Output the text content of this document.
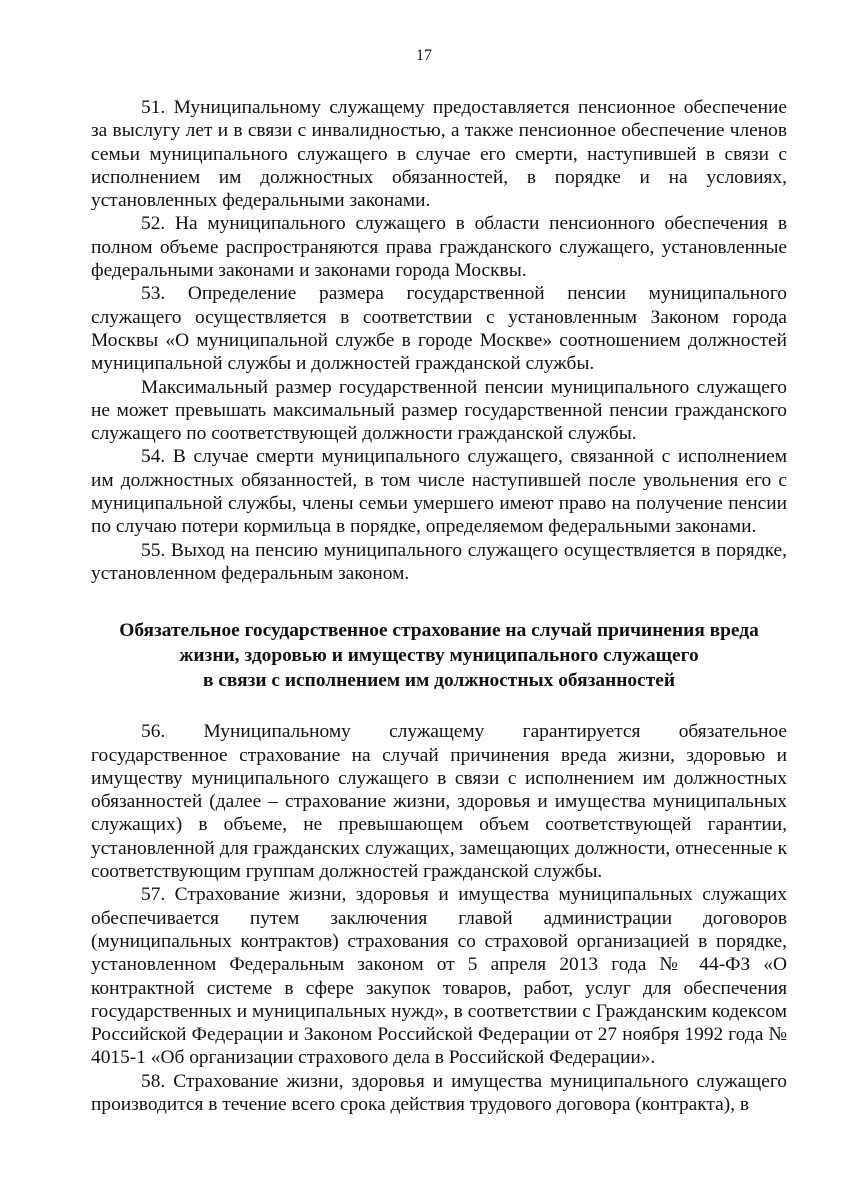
17

51. Муниципальному служащему предоставляется пенсионное обеспечение за выслугу лет и в связи с инвалидностью, а также пенсионное обеспечение членов семьи муниципального служащего в случае его смерти, наступившей в связи с исполнением им должностных обязанностей, в порядке и на условиях, установленных федеральными законами.

52. На муниципального служащего в области пенсионного обеспечения в полном объеме распространяются права гражданского служащего, установленные федеральными законами и законами города Москвы.

53. Определение размера государственной пенсии муниципального служащего осуществляется в соответствии с установленным Законом города Москвы «О муниципальной службе в городе Москве» соотношением должностей муниципальной службы и должностей гражданской службы.

Максимальный размер государственной пенсии муниципального служащего не может превышать максимальный размер государственной пенсии гражданского служащего по соответствующей должности гражданской службы.

54. В случае смерти муниципального служащего, связанной с исполнением им должностных обязанностей, в том числе наступившей после увольнения его с муниципальной службы, члены семьи умершего имеют право на получение пенсии по случаю потери кормильца в порядке, определяемом федеральными законами.

55. Выход на пенсию муниципального служащего осуществляется в порядке, установленном федеральным законом.

Обязательное государственное страхование на случай причинения вреда
жизни, здоровью и имуществу муниципального служащего
в связи с исполнением им должностных обязанностей

56. Муниципальному служащему гарантируется обязательное государственное страхование на случай причинения вреда жизни, здоровью и имуществу муниципального служащего в связи с исполнением им должностных обязанностей (далее – страхование жизни, здоровья и имущества муниципальных служащих) в объеме, не превышающем объем соответствующей гарантии, установленной для гражданских служащих, замещающих должности, отнесенные к соответствующим группам должностей гражданской службы.

57. Страхование жизни, здоровья и имущества муниципальных служащих обеспечивается путем заключения главой администрации договоров (муниципальных контрактов) страхования со страховой организацией в порядке, установленном Федеральным законом от 5 апреля 2013 года № 44-ФЗ «О контрактной системе в сфере закупок товаров, работ, услуг для обеспечения государственных и муниципальных нужд», в соответствии с Гражданским кодексом Российской Федерации и Законом Российской Федерации от 27 ноября 1992 года № 4015-1 «Об организации страхового дела в Российской Федерации».

58. Страхование жизни, здоровья и имущества муниципального служащего производится в течение всего срока действия трудового договора (контракта), в
